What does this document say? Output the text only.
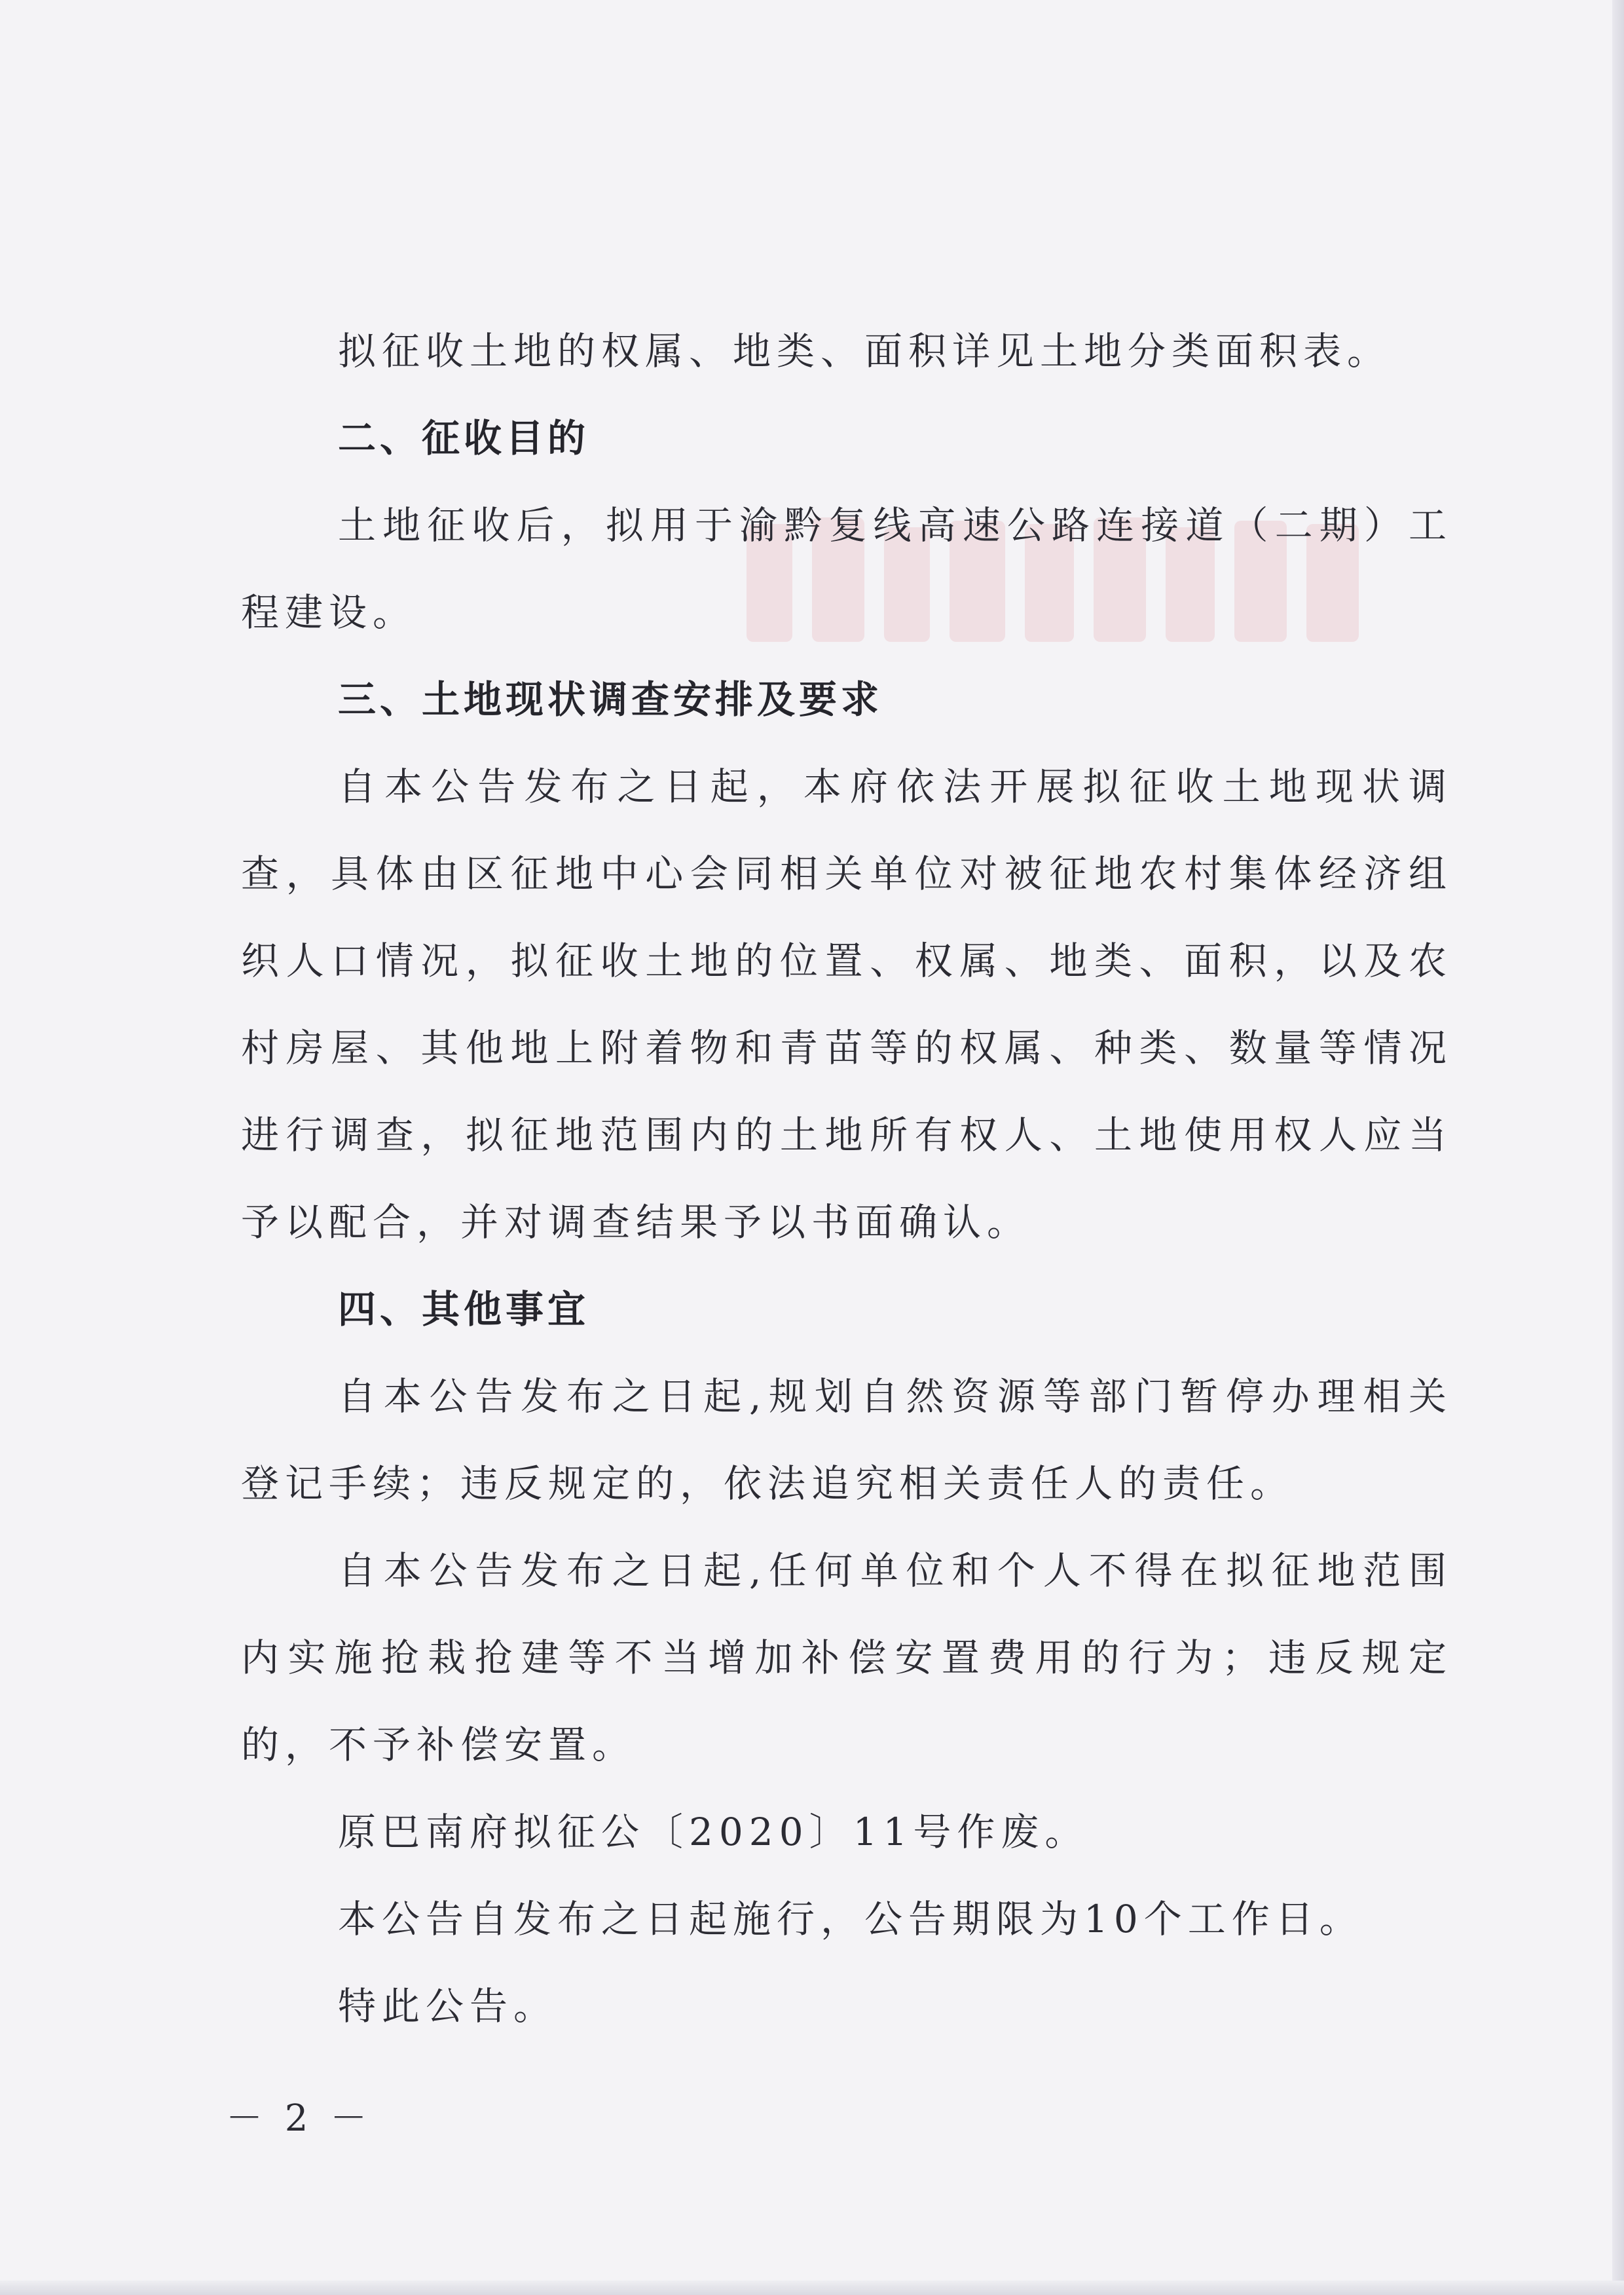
拟征收土地的权属、地类、面积详见土地分类面积表。

二、征收目的

土地征收后，拟用于渝黔复线高速公路连接道（二期）工程建设。

三、土地现状调查安排及要求

自本公告发布之日起，本府依法开展拟征收土地现状调查，具体由区征地中心会同相关单位对被征地农村集体经济组织人口情况，拟征收土地的位置、权属、地类、面积，以及农村房屋、其他地上附着物和青苗等的权属、种类、数量等情况进行调查，拟征地范围内的土地所有权人、土地使用权人应当予以配合，并对调查结果予以书面确认。

四、其他事宜

自本公告发布之日起,规划自然资源等部门暂停办理相关登记手续；违反规定的，依法追究相关责任人的责任。

自本公告发布之日起,任何单位和个人不得在拟征地范围内实施抢栽抢建等不当增加补偿安置费用的行为；违反规定的，不予补偿安置。

原巴南府拟征公〔2020〕11号作废。

本公告自发布之日起施行，公告期限为10个工作日。

特此公告。

－ 2 －
